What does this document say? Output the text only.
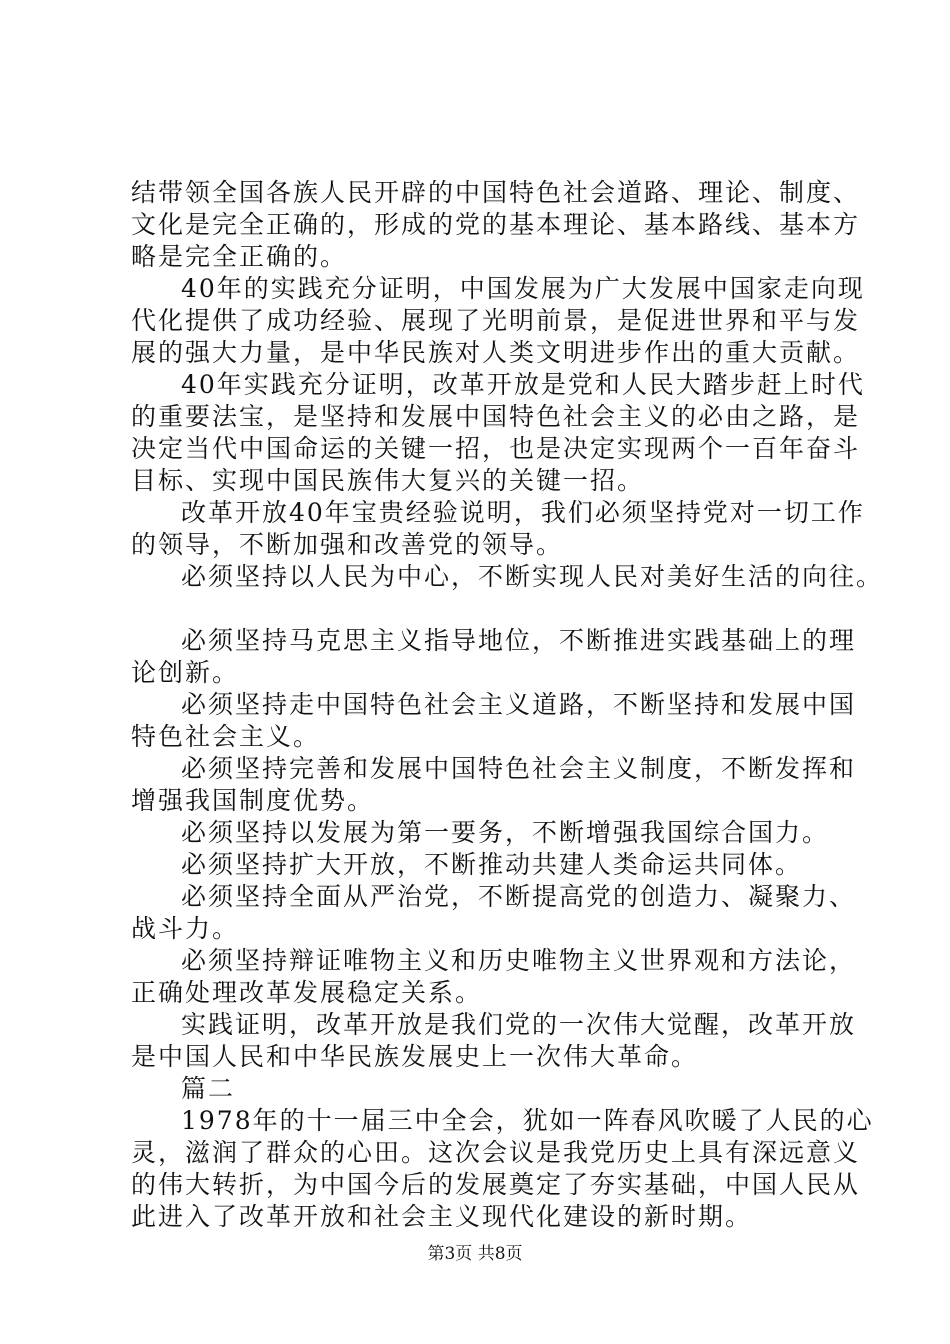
结带领全国各族人民开辟的中国特色社会道路、理论、制度、
文化是完全正确的，形成的党的基本理论、基本路线、基本方
略是完全正确的。
40年的实践充分证明，中国发展为广大发展中国家走向现
代化提供了成功经验、展现了光明前景，是促进世界和平与发
展的强大力量，是中华民族对人类文明进步作出的重大贡献。
40年实践充分证明，改革开放是党和人民大踏步赶上时代
的重要法宝，是坚持和发展中国特色社会主义的必由之路，是
决定当代中国命运的关键一招，也是决定实现两个一百年奋斗
目标、实现中国民族伟大复兴的关键一招。
改革开放40年宝贵经验说明，我们必须坚持党对一切工作
的领导，不断加强和改善党的领导。
必须坚持以人民为中心，不断实现人民对美好生活的向往。
必须坚持马克思主义指导地位，不断推进实践基础上的理
论创新。
必须坚持走中国特色社会主义道路，不断坚持和发展中国
特色社会主义。
必须坚持完善和发展中国特色社会主义制度，不断发挥和
增强我国制度优势。
必须坚持以发展为第一要务，不断增强我国综合国力。
必须坚持扩大开放，不断推动共建人类命运共同体。
必须坚持全面从严治党，不断提高党的创造力、凝聚力、
战斗力。
必须坚持辩证唯物主义和历史唯物主义世界观和方法论，
正确处理改革发展稳定关系。
实践证明，改革开放是我们党的一次伟大觉醒，改革开放
是中国人民和中华民族发展史上一次伟大革命。
篇二
1978年的十一届三中全会，犹如一阵春风吹暖了人民的心
灵，滋润了群众的心田。这次会议是我党历史上具有深远意义
的伟大转折，为中国今后的发展奠定了夯实基础，中国人民从
此进入了改革开放和社会主义现代化建设的新时期。
第3页 共8页
